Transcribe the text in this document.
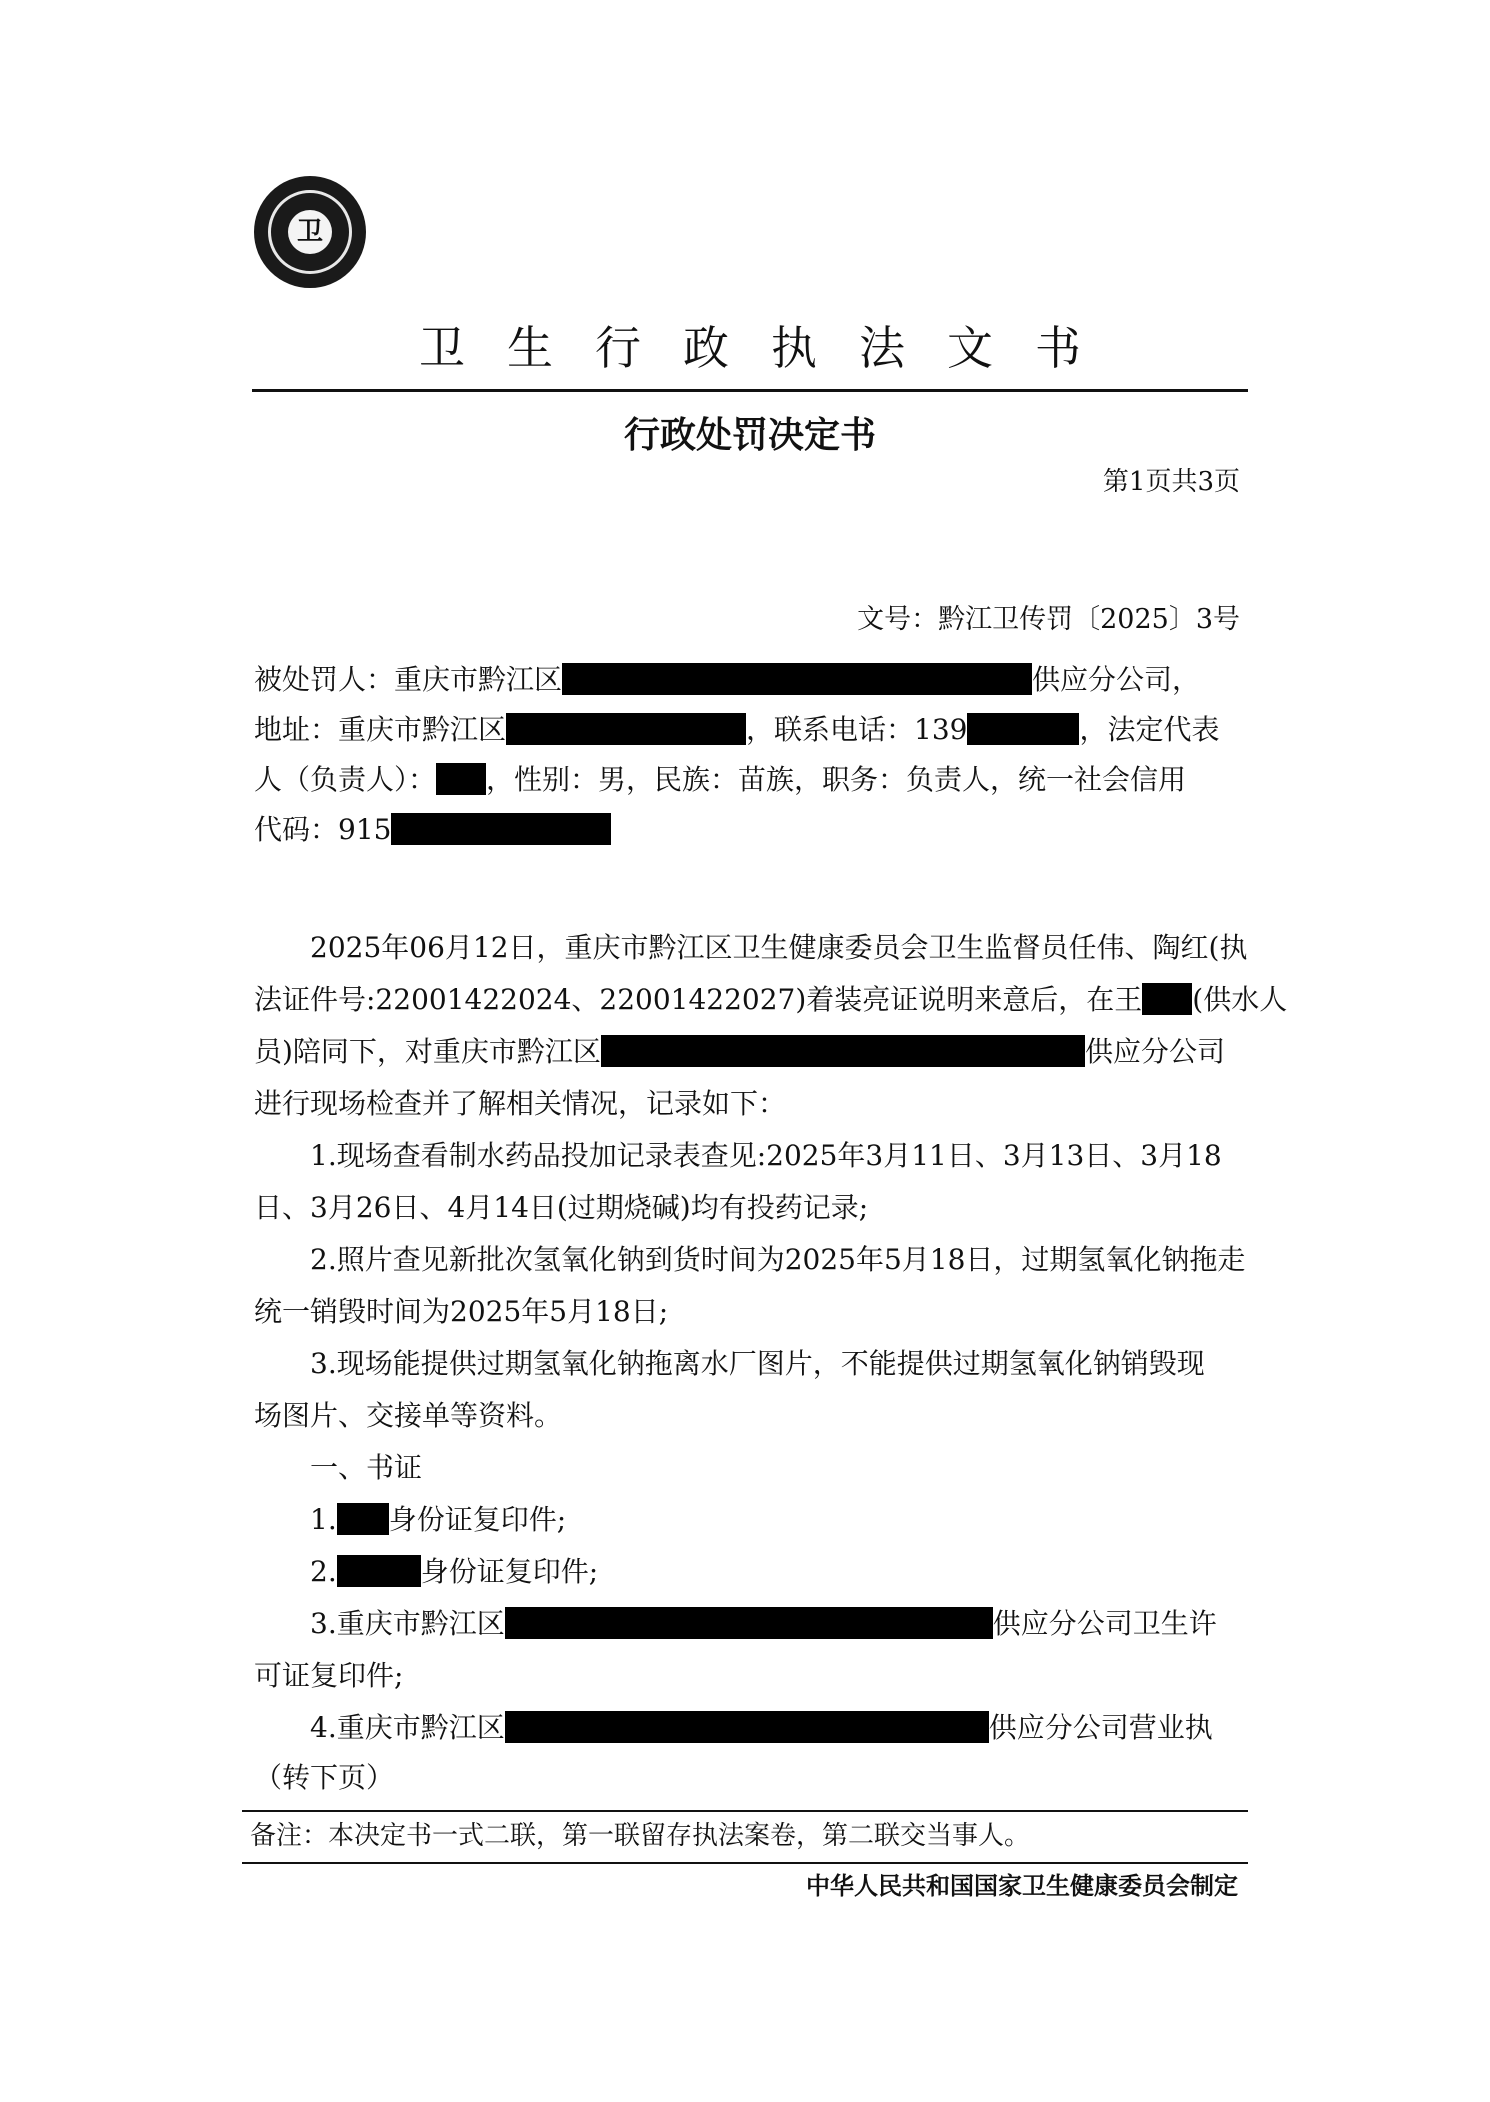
卫
卫生行政执法文书
行政处罚决定书
第1页共3页
文号：黔江卫传罚〔2025〕3号
被处罚人：重庆市黔江区	供应分公司，
地址：重庆市黔江区	，联系电话：139	，法定代表
人（负责人）： ，性别：男，民族：苗族，职务：负责人，统一社会信用
代码：915
2025年06月12日，重庆市黔江区卫生健康委员会卫生监督员任伟、陶红(执
法证件号:22001422024、22001422027)着装亮证说明来意后，在王 (供水人
员)陪同下，对重庆市黔江区	供应分公司
进行现场检查并了解相关情况，记录如下：
1.现场查看制水药品投加记录表查见:2025年3月11日、3月13日、3月18
日、3月26日、4月14日(过期烧碱)均有投药记录;
2.照片查见新批次氢氧化钠到货时间为2025年5月18日，过期氢氧化钠拖走
统一销毁时间为2025年5月18日;
3.现场能提供过期氢氧化钠拖离水厂图片，不能提供过期氢氧化钠销毁现
场图片、交接单等资料。
一、书证
1. 身份证复印件;
2.	身份证复印件;
3.重庆市黔江区	供应分公司卫生许
可证复印件;
4.重庆市黔江区	供应分公司营业执
（转下页）
备注：本决定书一式二联，第一联留存执法案卷，第二联交当事人。
中华人民共和国国家卫生健康委员会制定
